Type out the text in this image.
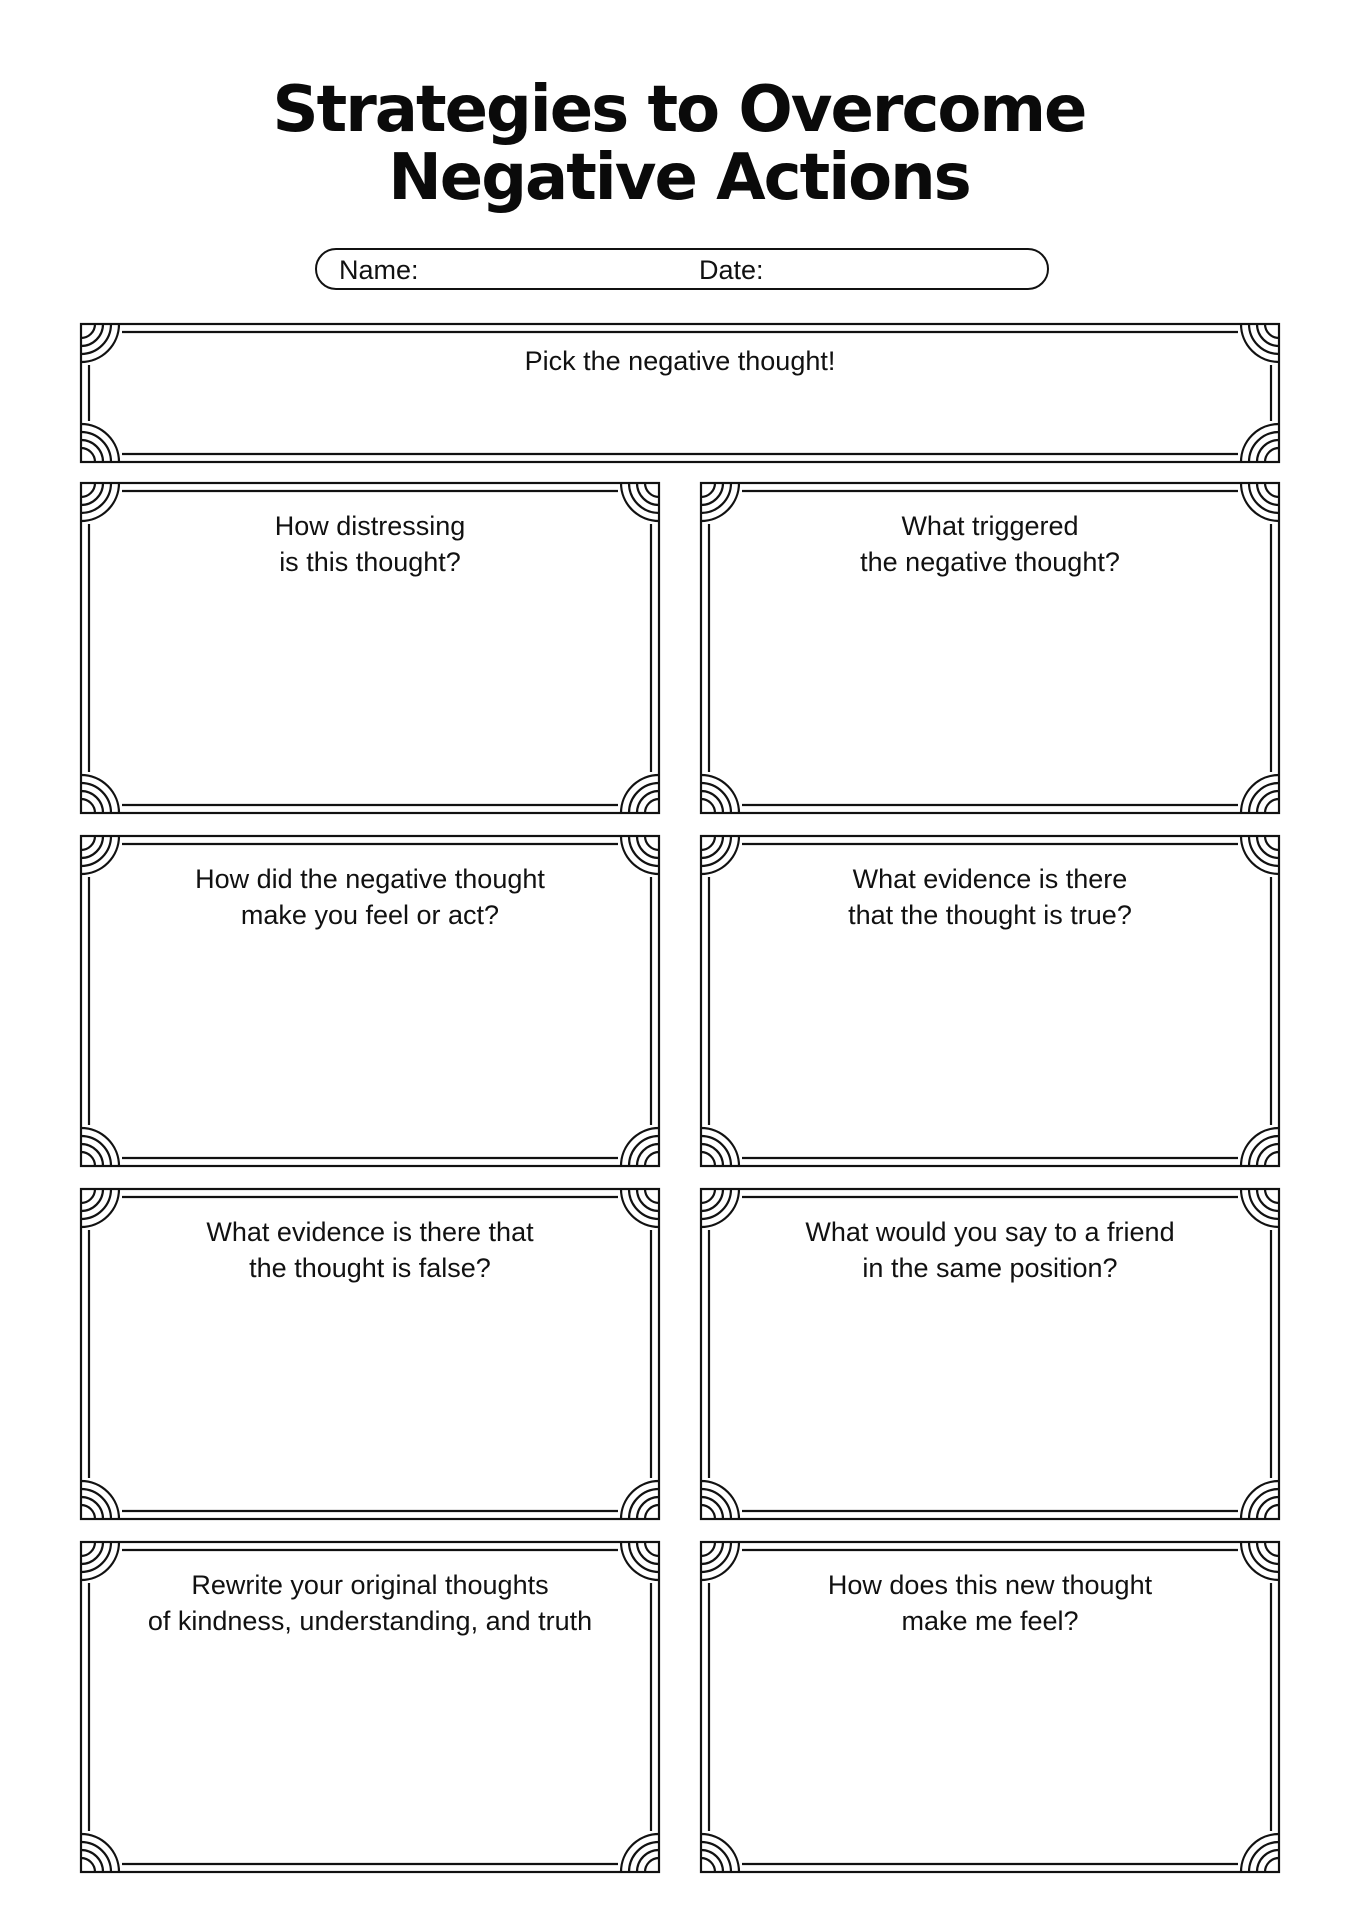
Strategies to Overcome
Negative Actions
Name:	Date:
Pick the negative thought!
How distressing
is this thought?
What triggered
the negative thought?
How did the negative thought
make you feel or act?
What evidence is there
that the thought is true?
What evidence is there that
the thought is false?
What would you say to a friend
in the same position?
Rewrite your original thoughts
of kindness, understanding, and truth
How does this new thought
make me feel?
